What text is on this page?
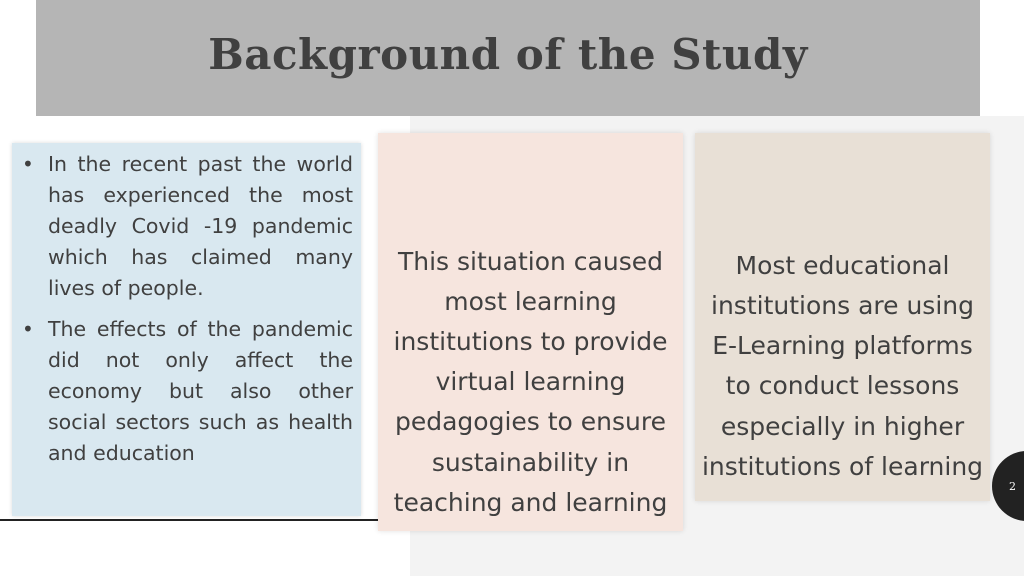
Background of the Study
• In the recent past the world has experienced the most deadly Covid -19 pandemic which has claimed many lives of people.
• The effects of the pandemic did not only affect the economy but also other social sectors such as health and education

This situation caused most learning institutions to provide virtual learning pedagogies to ensure sustainability in teaching and learning

Most educational institutions are using E-Learning platforms to conduct lessons especially in higher institutions of learning

2
